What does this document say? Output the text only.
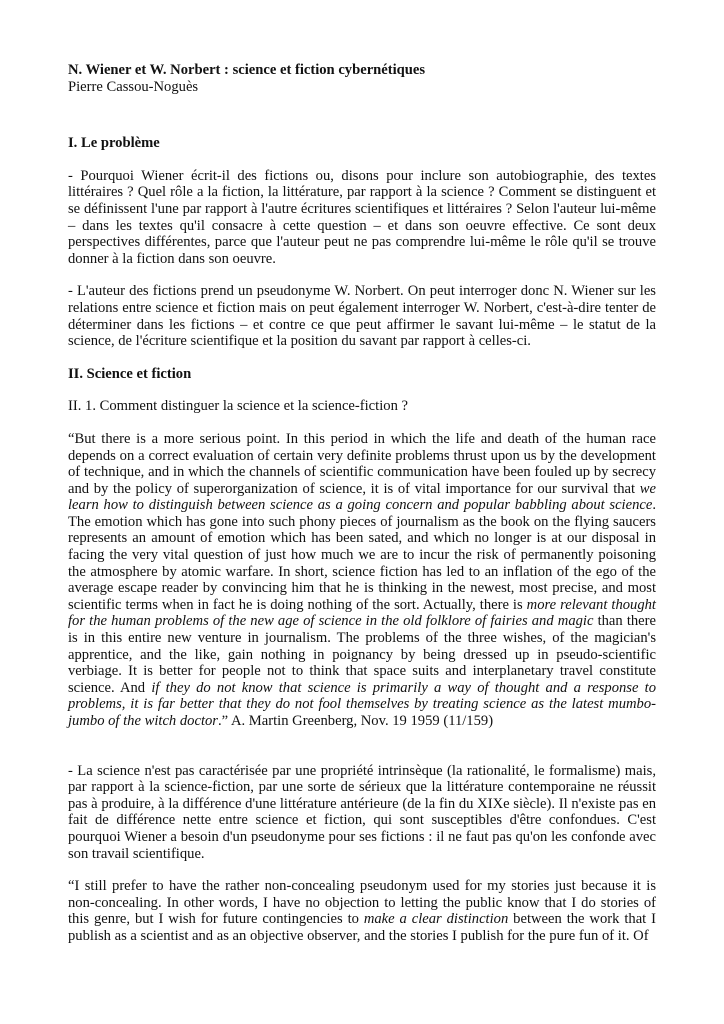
N. Wiener et W. Norbert : science et fiction cybernétiques

Pierre Cassou-Noguès

I. Le problème

- Pourquoi Wiener écrit-il des fictions ou, disons pour inclure son autobiographie, des textes littéraires ? Quel rôle a la fiction, la littérature, par rapport à la science ? Comment se distinguent et se définissent l'une par rapport à l'autre écritures scientifiques et littéraires ? Selon l'auteur lui-même – dans les textes qu'il consacre à cette question – et dans son oeuvre effective. Ce sont deux perspectives différentes, parce que l'auteur peut ne pas comprendre lui-même le rôle qu'il se trouve donner à la fiction dans son oeuvre.

- L'auteur des fictions prend un pseudonyme W. Norbert. On peut interroger donc N. Wiener sur les relations entre science et fiction mais on peut également interroger W. Norbert, c'est-à-dire tenter de déterminer dans les fictions – et contre ce que peut affirmer le savant lui-même – le statut de la science, de l'écriture scientifique et la position du savant par rapport à celles-ci.

II. Science et fiction

II. 1. Comment distinguer la science et la science-fiction ?

“But there is a more serious point. In this period in which the life and death of the human race depends on a correct evaluation of certain very definite problems thrust upon us by the development of technique, and in which the channels of scientific communication have been fouled up by secrecy and by the policy of superorganization of science, it is of vital importance for our survival that we learn how to distinguish between science as a going concern and popular babbling about science. The emotion which has gone into such phony pieces of journalism as the book on the flying saucers represents an amount of emotion which has been sated, and which no longer is at our disposal in facing the very vital question of just how much we are to incur the risk of permanently poisoning the atmosphere by atomic warfare. In short, science fiction has led to an inflation of the ego of the average escape reader by convincing him that he is thinking in the newest, most precise, and most scientific terms when in fact he is doing nothing of the sort. Actually, there is more relevant thought for the human problems of the new age of science in the old folklore of fairies and magic than there is in this entire new venture in journalism. The problems of the three wishes, of the magician's apprentice, and the like, gain nothing in poignancy by being dressed up in pseudo-scientific verbiage. It is better for people not to think that space suits and interplanetary travel constitute science. And if they do not know that science is primarily a way of thought and a response to problems, it is far better that they do not fool themselves by treating science as the latest mumbo-jumbo of the witch doctor.” A. Martin Greenberg, Nov. 19 1959 (11/159)

- La science n'est pas caractérisée par une propriété intrinsèque (la rationalité, le formalisme) mais, par rapport à la science-fiction, par une sorte de sérieux que la littérature contemporaine ne réussit pas à produire, à la différence d'une littérature antérieure (de la fin du XIXe siècle). Il n'existe pas en fait de différence nette entre science et fiction, qui sont susceptibles d'être confondues. C'est pourquoi Wiener a besoin d'un pseudonyme pour ses fictions : il ne faut pas qu'on les confonde avec son travail scientifique.

“I still prefer to have the rather non-concealing pseudonym used for my stories just because it is non-concealing. In other words, I have no objection to letting the public know that I do stories of this genre, but I wish for future contingencies to make a clear distinction between the work that I publish as a scientist and as an objective observer, and the stories I publish for the pure fun of it. Of
